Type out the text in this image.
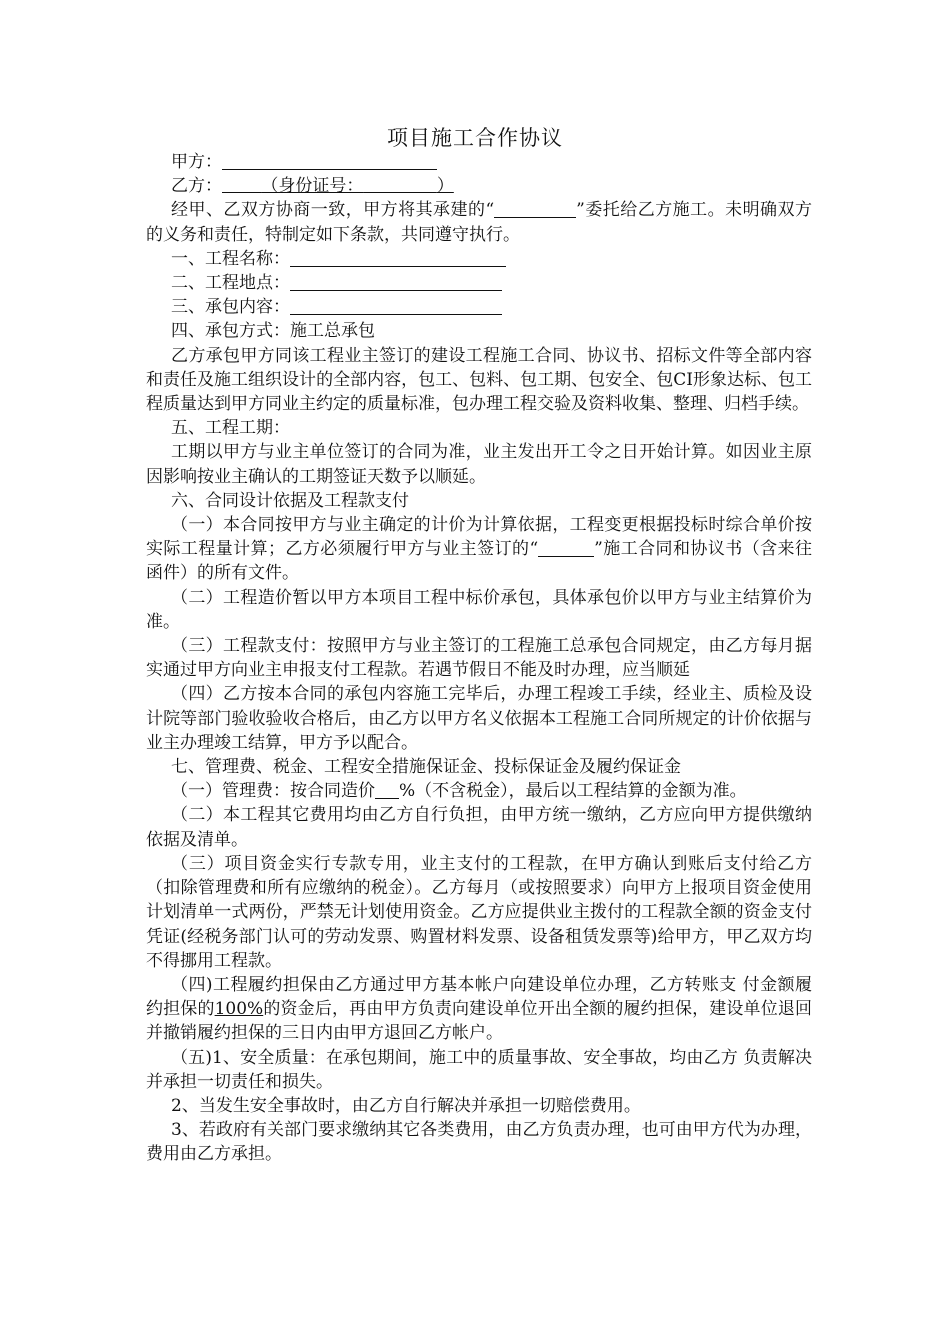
项目施工合作协议

甲方：

乙方：   （身份证号：    	）

经甲、乙双方协商一致，甲方将其承建的“	”委托给乙方施工。未明确双方的义务和责任，特制定如下条款，共同遵守执行。

一、工程名称：

二、工程地点：

三、承包内容：

四、承包方式：施工总承包

乙方承包甲方同该工程业主签订的建设工程施工合同、协议书、招标文件等全部内容和责任及施工组织设计的全部内容，包工、包料、包工期、包安全、包CI形象达标、包工程质量达到甲方同业主约定的质量标准，包办理工程交验及资料收集、整理、归档手续。

五、工程工期：

工期以甲方与业主单位签订的合同为准，业主发出开工令之日开始计算。如因业主原因影响按业主确认的工期签证天数予以顺延。

六、合同设计依据及工程款支付

（一）本合同按甲方与业主确定的计价为计算依据，工程变更根据投标时综合单价按实际工程量计算；乙方必须履行甲方与业主签订的“	”施工合同和协议书（含来往函件）的所有文件。

（二）工程造价暂以甲方本项目工程中标价承包，具体承包价以甲方与业主结算价为准。

（三）工程款支付：按照甲方与业主签订的工程施工总承包合同规定，由乙方每月据实通过甲方向业主申报支付工程款。若遇节假日不能及时办理，应当顺延

（四）乙方按本合同的承包内容施工完毕后，办理工程竣工手续，经业主、质检及设计院等部门验收验收合格后，由乙方以甲方名义依据本工程施工合同所规定的计价依据与业主办理竣工结算，甲方予以配合。

七、管理费、税金、工程安全措施保证金、投标保证金及履约保证金

（一）管理费：按合同造价 %（不含税金），最后以工程结算的金额为准。

（二）本工程其它费用均由乙方自行负担，由甲方统一缴纳，乙方应向甲方提供缴纳依据及清单。

（三）项目资金实行专款专用，业主支付的工程款，在甲方确认到账后支付给乙方（扣除管理费和所有应缴纳的税金）。乙方每月（或按照要求）向甲方上报项目资金使用计划清单一式两份，严禁无计划使用资金。乙方应提供业主拨付的工程款全额的资金支付凭证(经税务部门认可的劳动发票、购置材料发票、设备租赁发票等)给甲方，甲乙双方均不得挪用工程款。

（四)工程履约担保由乙方通过甲方基本帐户向建设单位办理，乙方转账支 付金额履约担保的100%的资金后，再由甲方负责向建设单位开出全额的履约担保，建设单位退回并撤销履约担保的三日内由甲方退回乙方帐户。

（五)1、安全质量：在承包期间，施工中的质量事故、安全事故，均由乙方 负责解决并承担一切责任和损失。

2、当发生安全事故时，由乙方自行解决并承担一切赔偿费用。

3、若政府有关部门要求缴纳其它各类费用，由乙方负责办理，也可由甲方代为办理，费用由乙方承担。
